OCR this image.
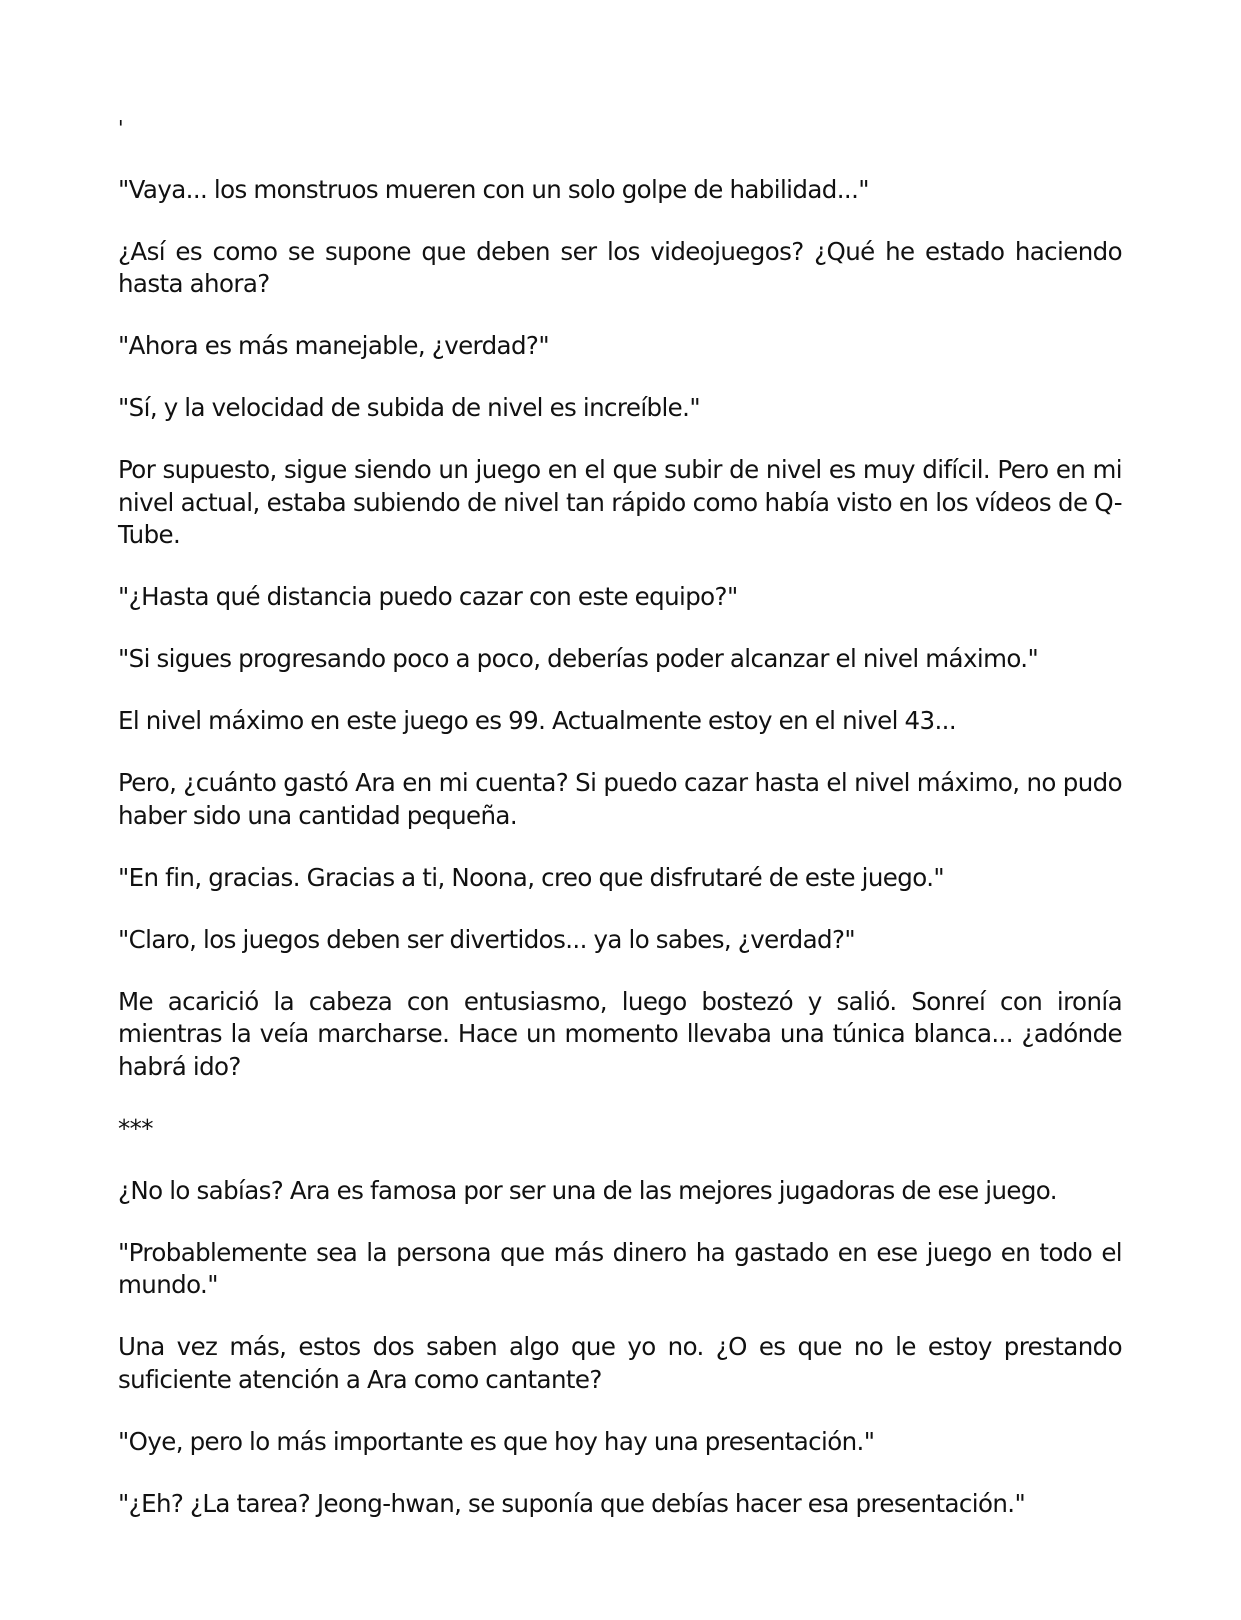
'

"Vaya... los monstruos mueren con un solo golpe de habilidad..."

¿Así es como se supone que deben ser los videojuegos? ¿Qué he estado haciendo hasta ahora?

"Ahora es más manejable, ¿verdad?"

"Sí, y la velocidad de subida de nivel es increíble."

Por supuesto, sigue siendo un juego en el que subir de nivel es muy difícil. Pero en mi nivel actual, estaba subiendo de nivel tan rápido como había visto en los vídeos de Q-Tube.

"¿Hasta qué distancia puedo cazar con este equipo?"

"Si sigues progresando poco a poco, deberías poder alcanzar el nivel máximo."

El nivel máximo en este juego es 99. Actualmente estoy en el nivel 43...

Pero, ¿cuánto gastó Ara en mi cuenta? Si puedo cazar hasta el nivel máximo, no pudo haber sido una cantidad pequeña.

"En fin, gracias. Gracias a ti, Noona, creo que disfrutaré de este juego."

"Claro, los juegos deben ser divertidos... ya lo sabes, ¿verdad?"

Me acarició la cabeza con entusiasmo, luego bostezó y salió. Sonreí con ironía mientras la veía marcharse. Hace un momento llevaba una túnica blanca... ¿adónde habrá ido?

***

¿No lo sabías? Ara es famosa por ser una de las mejores jugadoras de ese juego.

"Probablemente sea la persona que más dinero ha gastado en ese juego en todo el mundo."

Una vez más, estos dos saben algo que yo no. ¿O es que no le estoy prestando suficiente atención a Ara como cantante?

"Oye, pero lo más importante es que hoy hay una presentación."

"¿Eh? ¿La tarea? Jeong-hwan, se suponía que debías hacer esa presentación."
